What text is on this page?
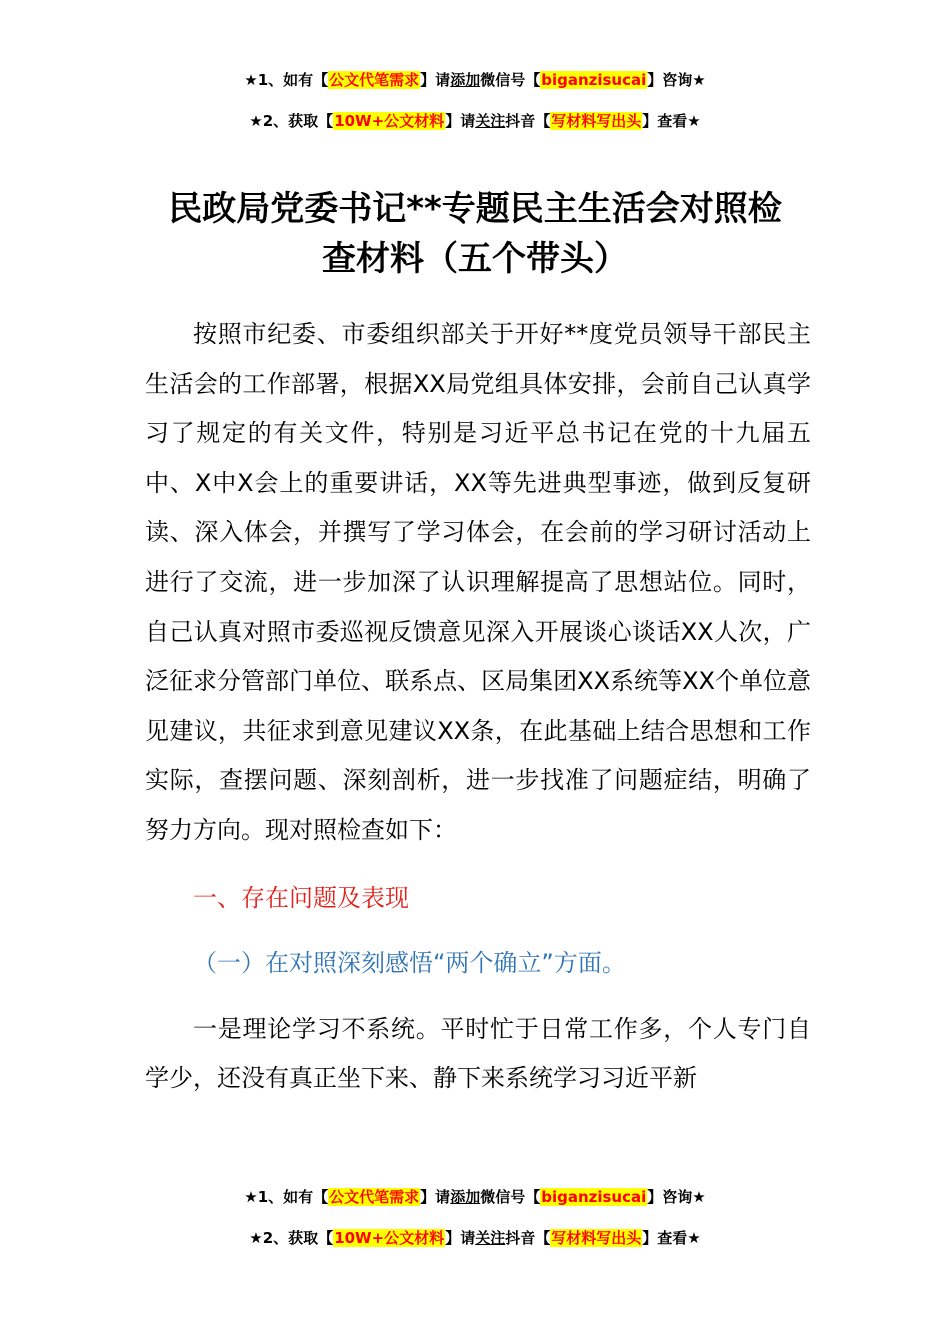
★1、如有【公文代笔需求】请添加微信号【biganzisucai】咨询★
★2、获取【10W+公文材料】请关注抖音【写材料写出头】查看★
民政局党委书记**专题民主生活会对照检
查材料（五个带头）

按照市纪委、市委组织部关于开好**度党员领导干部民主生活会的工作部署，根据XX局党组具体安排，会前自己认真学习了规定的有关文件，特别是习近平总书记在党的十九届五中、X中X会上的重要讲话，XX等先进典型事迹，做到反复研读、深入体会，并撰写了学习体会，在会前的学习研讨活动上进行了交流，进一步加深了认识理解提高了思想站位。同时，自己认真对照市委巡视反馈意见深入开展谈心谈话XX人次，广泛征求分管部门单位、联系点、区局集团XX系统等XX个单位意见建议，共征求到意见建议XX条，在此基础上结合思想和工作实际，查摆问题、深刻剖析，进一步找准了问题症结，明确了努力方向。现对照检查如下：

一、存在问题及表现

（一）在对照深刻感悟“两个确立”方面。

一是理论学习不系统。平时忙于日常工作多，个人专门自学少，还没有真正坐下来、静下来系统学习习近平新

★1、如有【公文代笔需求】请添加微信号【biganzisucai】咨询★
★2、获取【10W+公文材料】请关注抖音【写材料写出头】查看★
